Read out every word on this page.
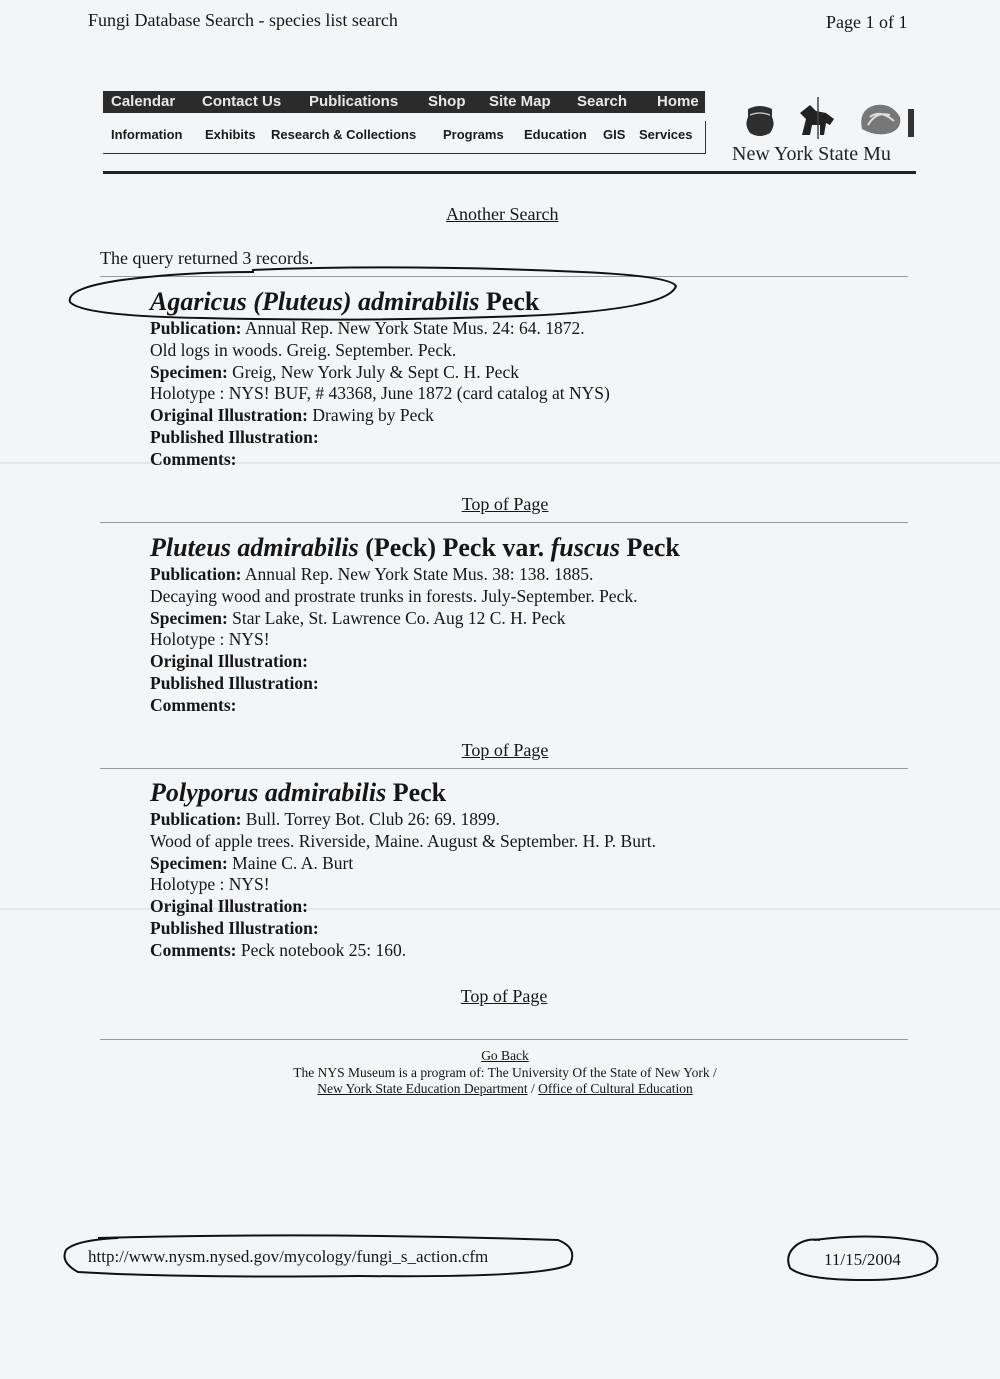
Fungi Database Search - species list search	Page 1 of 1
Calendar Contact Us Publications Shop Site Map Search Home
Information Exhibits Research & Collections Programs Education GIS Services
New York State Mu
Another Search
The query returned 3 records.
Agaricus (Pluteus) admirabilis Peck
Publication: Annual Rep. New York State Mus. 24: 64. 1872.
Old logs in woods. Greig. September. Peck.
Specimen: Greig, New York July & Sept C. H. Peck
Holotype : NYS! BUF, # 43368, June 1872 (card catalog at NYS)
Original Illustration: Drawing by Peck
Published Illustration:
Comments:
Top of Page
Pluteus admirabilis (Peck) Peck var. fuscus Peck
Publication: Annual Rep. New York State Mus. 38: 138. 1885.
Decaying wood and prostrate trunks in forests. July-September. Peck.
Specimen: Star Lake, St. Lawrence Co. Aug 12 C. H. Peck
Holotype : NYS!
Original Illustration:
Published Illustration:
Comments:
Top of Page
Polyporus admirabilis Peck
Publication: Bull. Torrey Bot. Club 26: 69. 1899.
Wood of apple trees. Riverside, Maine. August & September. H. P. Burt.
Specimen: Maine C. A. Burt
Holotype : NYS!
Original Illustration:
Published Illustration:
Comments: Peck notebook 25: 160.
Top of Page
Go Back
The NYS Museum is a program of: The University Of the State of New York /
New York State Education Department / Office of Cultural Education
http://www.nysm.nysed.gov/mycology/fungi_s_action.cfm	11/15/2004
